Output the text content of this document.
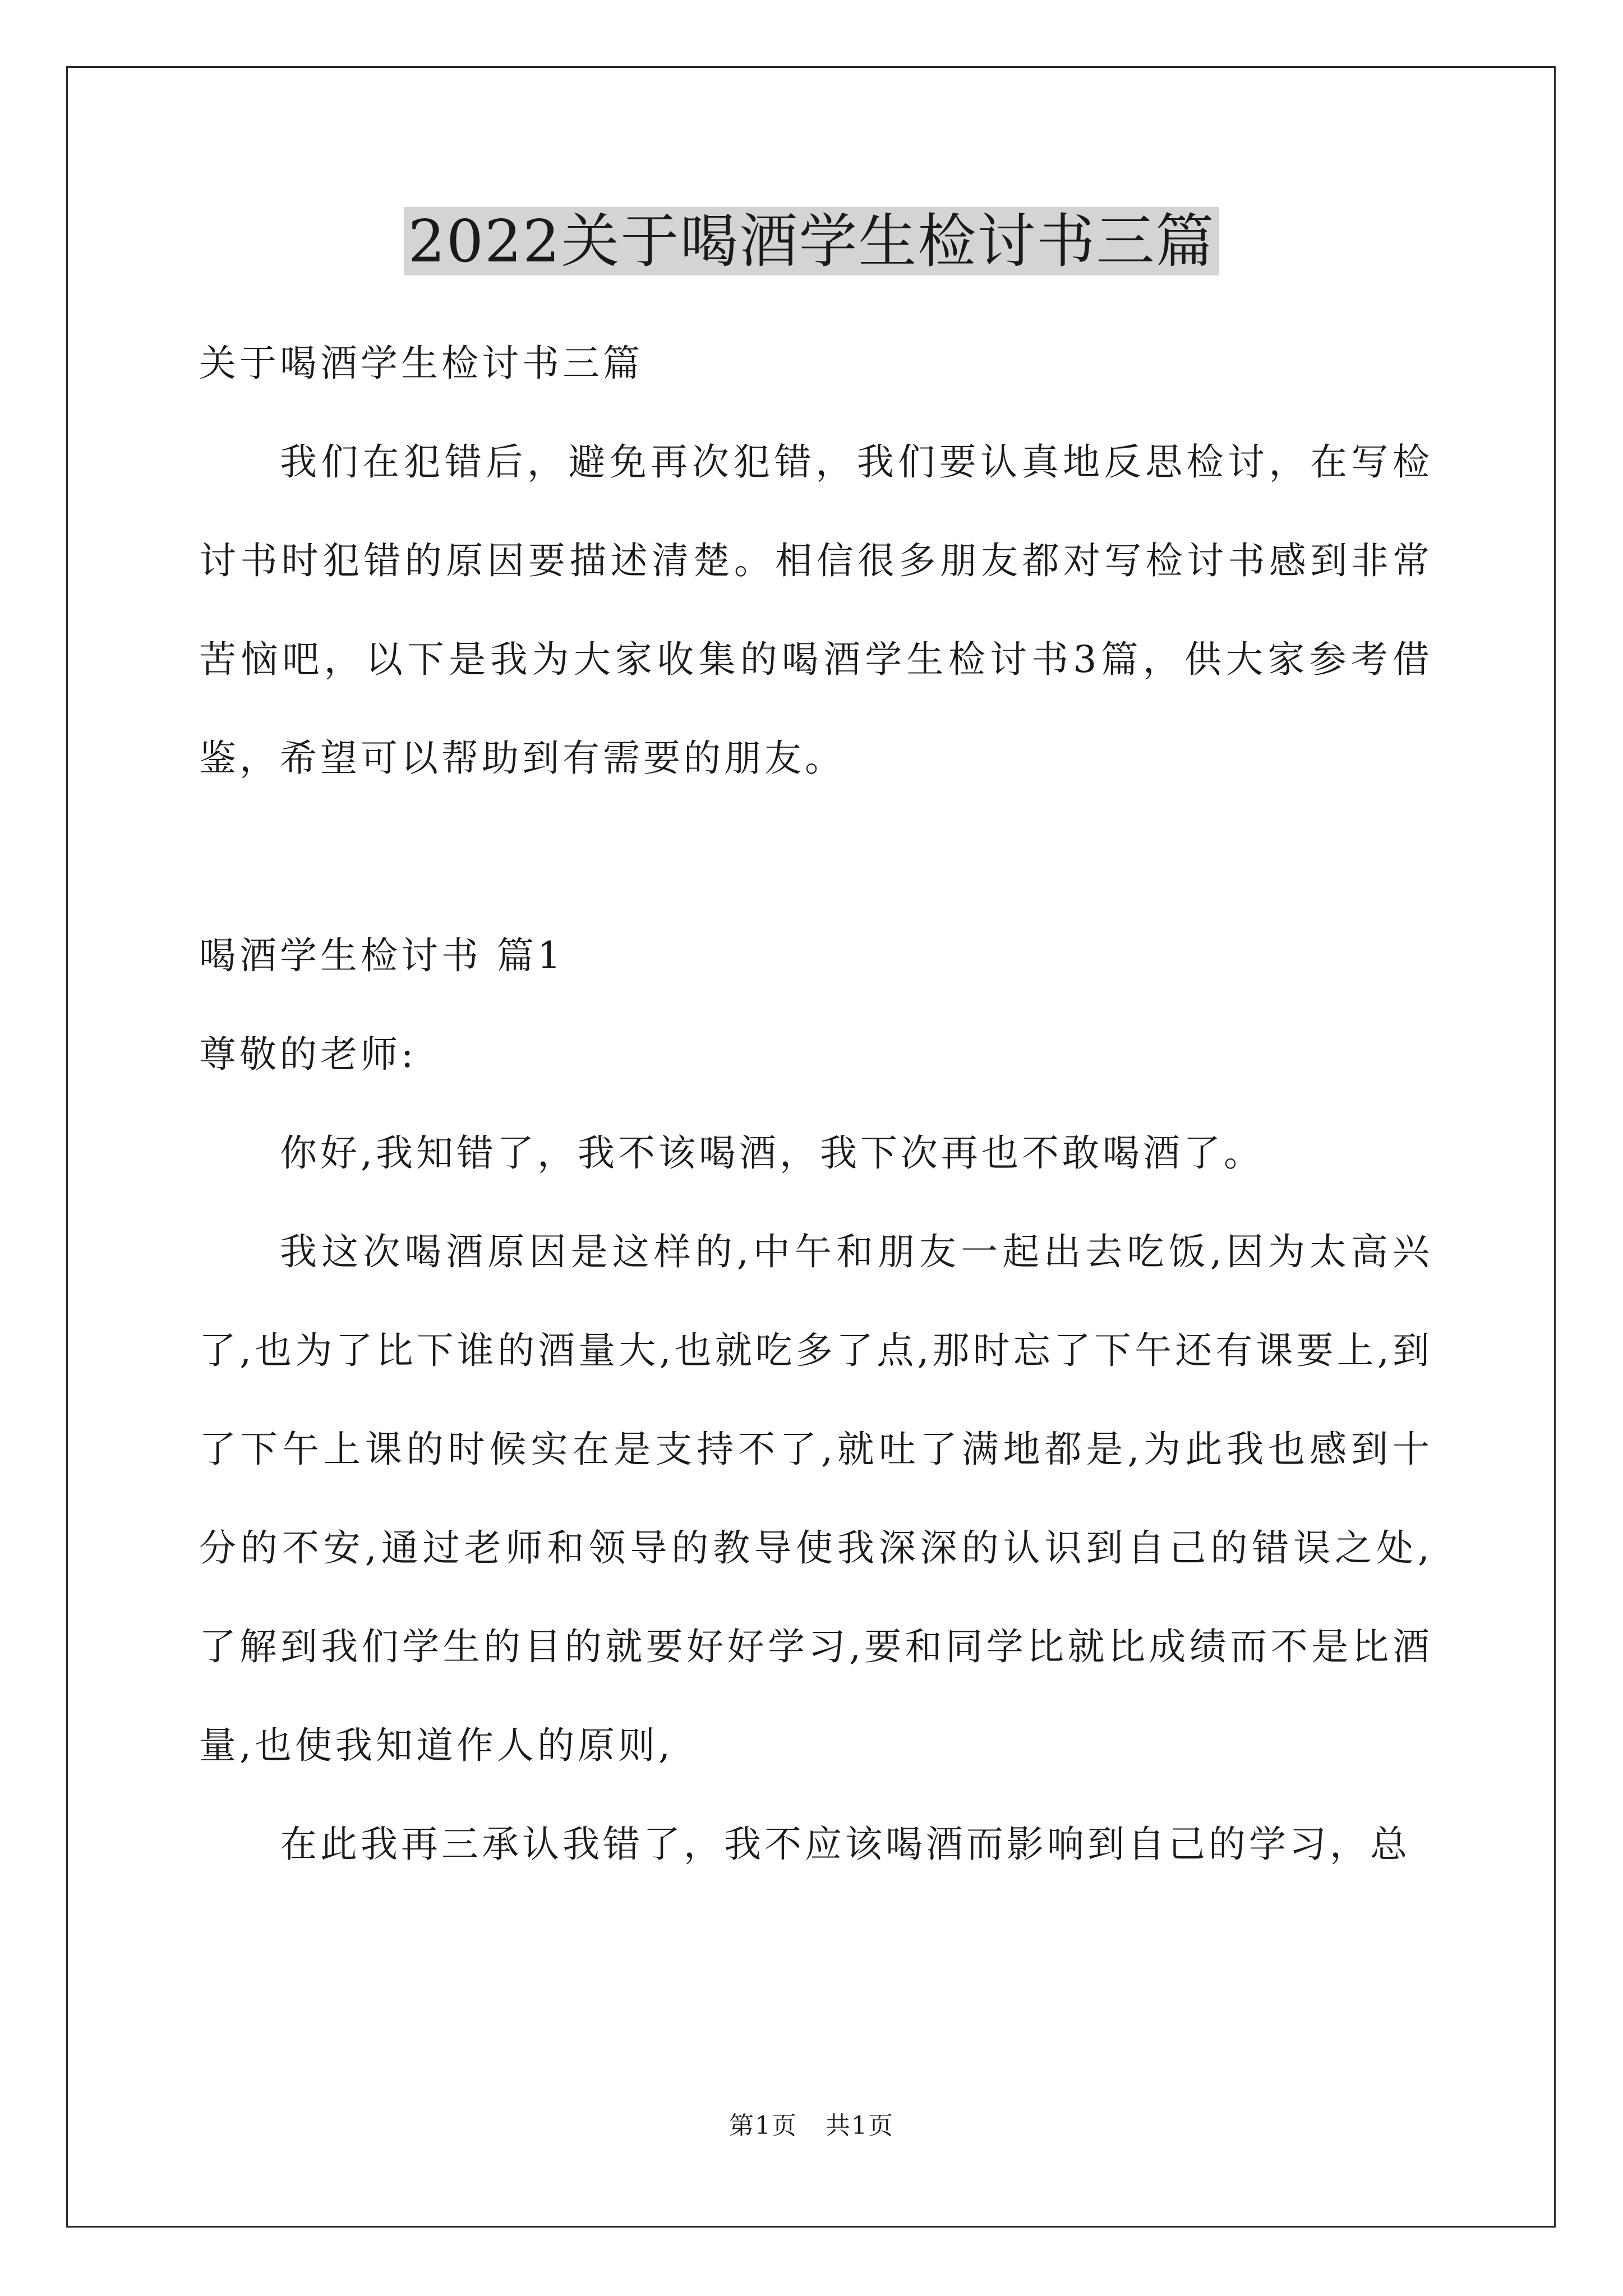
2022关于喝酒学生检讨书三篇

关于喝酒学生检讨书三篇

我们在犯错后，避免再次犯错，我们要认真地反思检讨，在写检讨书时犯错的原因要描述清楚。相信很多朋友都对写检讨书感到非常苦恼吧，以下是我为大家收集的喝酒学生检讨书3篇，供大家参考借鉴，希望可以帮助到有需要的朋友。

喝酒学生检讨书 篇1

尊敬的老师:

你好,我知错了，我不该喝酒，我下次再也不敢喝酒了。

我这次喝酒原因是这样的,中午和朋友一起出去吃饭,因为太高兴了,也为了比下谁的酒量大,也就吃多了点,那时忘了下午还有课要上,到了下午上课的时候实在是支持不了,就吐了满地都是,为此我也感到十分的不安,通过老师和领导的教导使我深深的认识到自己的错误之处,了解到我们学生的目的就要好好学习,要和同学比就比成绩而不是比酒量,也使我知道作人的原则,

在此我再三承认我错了，我不应该喝酒而影响到自己的学习，总

第1页 共1页
